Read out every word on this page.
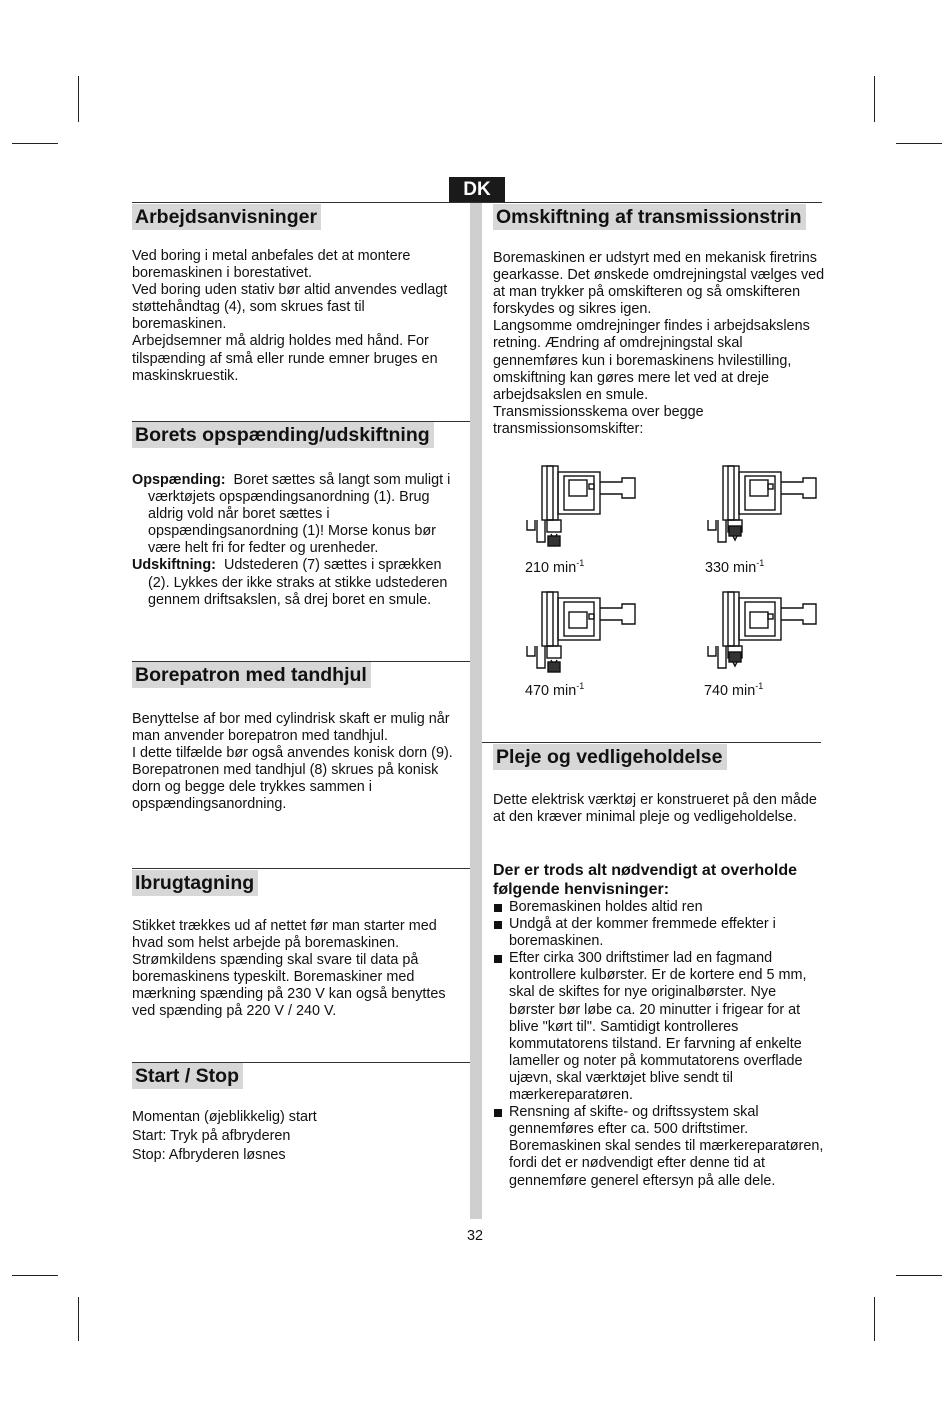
DK
Arbejdsanvisninger

Ved boring i metal anbefales det at montere boremaskinen i borestativet.

Ved boring uden stativ bør altid anvendes vedlagt støttehåndtag (4), som skrues fast til boremaskinen.

Arbejdsemner må aldrig holdes med hånd. For tilspænding af små eller runde emner bruges en maskinskruestik.

Borets opspænding/udskiftning

Opspænding: Boret sættes så langt som muligt i værktøjets opspændingsanordning (1). Brug aldrig vold når boret sættes i opspændingsanordning (1)! Morse konus bør være helt fri for fedter og urenheder.

Udskiftning: Udstederen (7) sættes i sprækken (2). Lykkes der ikke straks at stikke udstederen gennem driftsakslen, så drej boret en smule.

Borepatron med tandhjul

Benyttelse af bor med cylindrisk skaft er mulig når man anvender borepatron med tandhjul.

I dette tilfælde bør også anvendes konisk dorn (9).

Borepatronen med tandhjul (8) skrues på konisk dorn og begge dele trykkes sammen i opspændingsanordning.

Ibrugtagning

Stikket trækkes ud af nettet før man starter med hvad som helst arbejde på boremaskinen.

Strømkildens spænding skal svare til data på boremaskinens typeskilt. Boremaskiner med mærkning spænding på 230 V kan også benyttes ved spænding på 220 V / 240 V.

Start / Stop

Momentan (øjeblikkelig) start

Start: Tryk på afbryderen

Stop: Afbryderen løsnes

Omskiftning af transmissionstrin

Boremaskinen er udstyrt med en mekanisk firetrins gearkasse. Det ønskede omdrejningstal vælges ved at man trykker på omskifteren og så omskifteren forskydes og sikres igen.

Langsomme omdrejninger findes i arbejdsakslens retning. Ændring af omdrejningstal skal gennemføres kun i boremaskinens hvilestilling, omskiftning kan gøres mere let ved at dreje arbejdsakslen en smule.

Transmissionsskema over begge transmissionsomskifter:

210 $\min^{-1}$	330 $\min^{-1}$
470 $\min^{-1}$	740 $\min^{-1}$
Pleje og vedligeholdelse

Dette elektrisk værktøj er konstrueret på den måde at den kræver minimal pleje og vedligeholdelse.

Der er trods alt nødvendigt at overholde følgende henvisninger:
Boremaskinen holdes altid ren
Undgå at der kommer fremmede effekter i boremaskinen.
Efter cirka 300 driftstimer lad en fagmand kontrollere kulbørster. Er de kortere end 5 mm, skal de skiftes for nye originalbørster. Nye børster bør løbe ca. 20 minutter i frigear for at blive "kørt til". Samtidigt kontrolleres kommutatorens tilstand. Er farvning af enkelte lameller og noter på kommutatorens overflade ujævn, skal værktøjet blive sendt til mærkereparatøren.
Rensning af skifte- og driftssystem skal gennemføres efter ca. 500 driftstimer. Boremaskinen skal sendes til mærkereparatøren, fordi det er nødvendigt efter denne tid at gennemføre generel eftersyn på alle dele.
32
